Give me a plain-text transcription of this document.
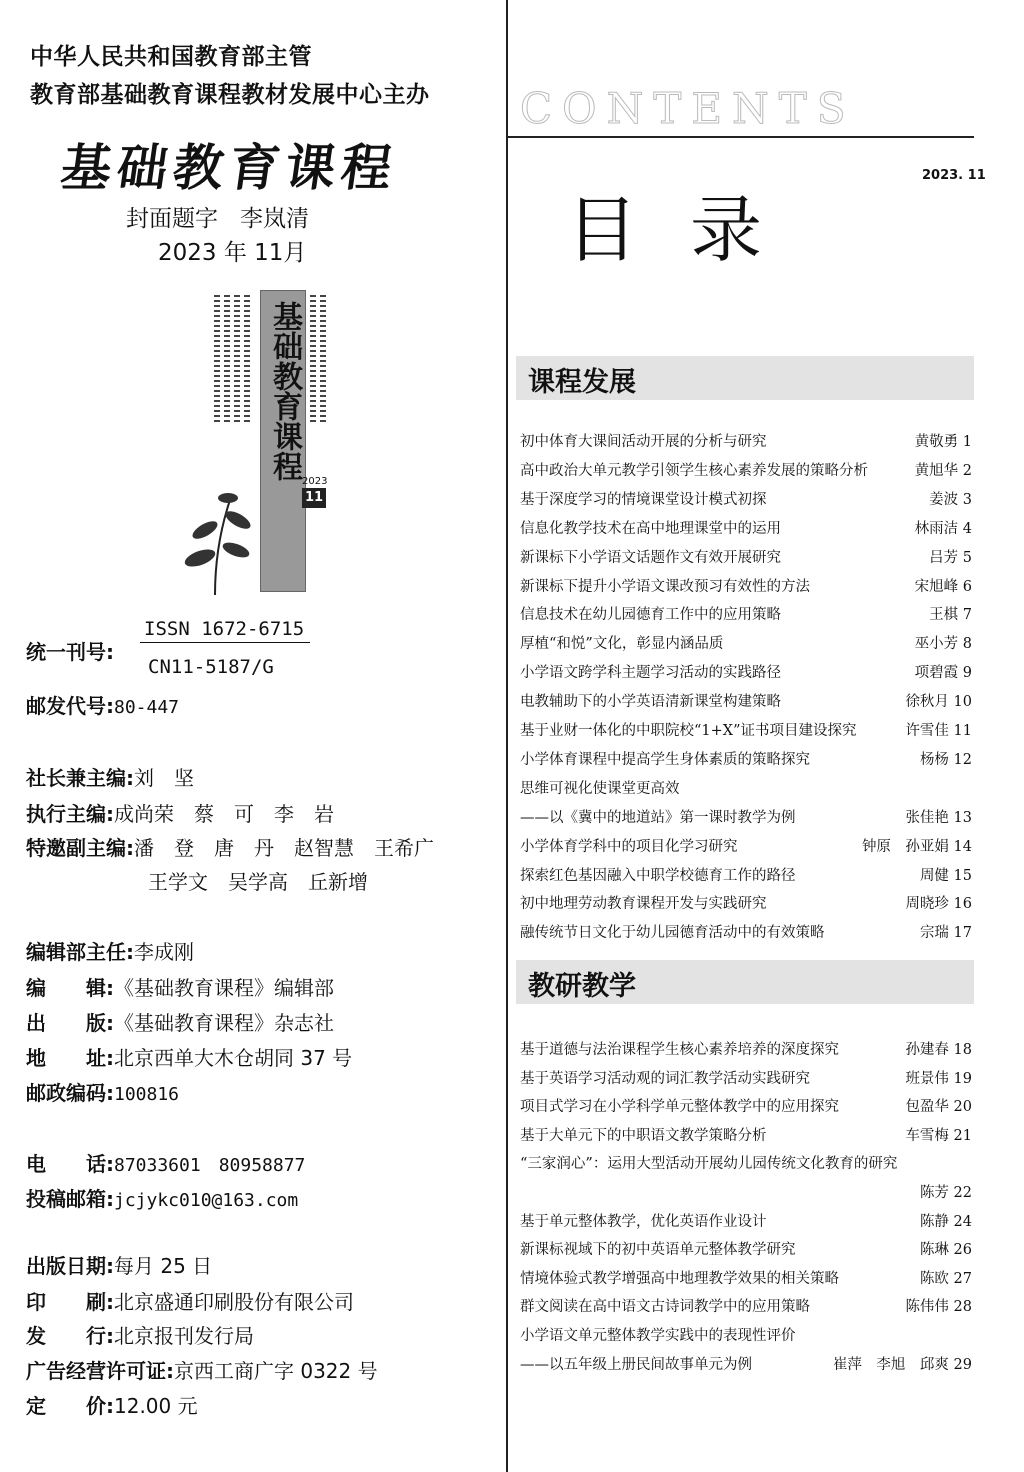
中华人民共和国教育部主管
教育部基础教育课程教材发展中心主办
基础教育课程
封面题字 李岚清
2023 年 11月
基础教育课程
2023
11
ISSN 1672-6715
统一刊号:
CN11-5187/G
邮发代号:80-447
社长兼主编:刘　坚
执行主编:成尚荣　蔡　可　李　岩
特邀副主编:潘　登　唐　丹　赵智慧　王希广
王学文　吴学高　丘新增
编辑部主任:李成刚
编　　辑:《基础教育课程》编辑部
出　　版:《基础教育课程》杂志社
地　　址:北京西单大木仓胡同 37 号
邮政编码:100816
电　　话:87033601　80958877
投稿邮箱:jcjykc010@163.com
出版日期:每月 25 日
印　　刷:北京盛通印刷股份有限公司
发　　行:北京报刊发行局
广告经营许可证:京西工商广字 0322 号
定　　价:12.00 元
CONTENTS
2023. 11
目录
课程发展
初中体育大课间活动开展的分析与研究	黄敬勇 1
高中政治大单元教学引领学生核心素养发展的策略分析	黄旭华 2
基于深度学习的情境课堂设计模式初探	姜波 3
信息化教学技术在高中地理课堂中的运用	林雨洁 4
新课标下小学语文话题作文有效开展研究	吕芳 5
新课标下提升小学语文课改预习有效性的方法	宋旭峰 6
信息技术在幼儿园德育工作中的应用策略	王棋 7
厚植“和悦”文化，彰显内涵品质	巫小芳 8
小学语文跨学科主题学习活动的实践路径	项碧霞 9
电教辅助下的小学英语清新课堂构建策略	徐秋月 10
基于业财一体化的中职院校“1+X”证书项目建设探究	许雪佳 11
小学体育课程中提高学生身体素质的策略探究	杨杨 12
思维可视化使课堂更高效
——以《冀中的地道站》第一课时教学为例	张佳艳 13
小学体育学科中的项目化学习研究	钟原　孙亚娟 14
探索红色基因融入中职学校德育工作的路径	周健 15
初中地理劳动教育课程开发与实践研究	周晓珍 16
融传统节日文化于幼儿园德育活动中的有效策略	宗瑞 17
教研教学
基于道德与法治课程学生核心素养培养的深度探究	孙建春 18
基于英语学习活动观的词汇教学活动实践研究	班景伟 19
项目式学习在小学科学单元整体教学中的应用探究	包盈华 20
基于大单元下的中职语文教学策略分析	车雪梅 21
“三家润心”：运用大型活动开展幼儿园传统文化教育的研究
陈芳 22
基于单元整体教学，优化英语作业设计	陈静 24
新课标视域下的初中英语单元整体教学研究	陈琳 26
情境体验式教学增强高中地理教学效果的相关策略	陈欧 27
群文阅读在高中语文古诗词教学中的应用策略	陈伟伟 28
小学语文单元整体教学实践中的表现性评价
——以五年级上册民间故事单元为例	崔萍　李旭　邱爽 29
